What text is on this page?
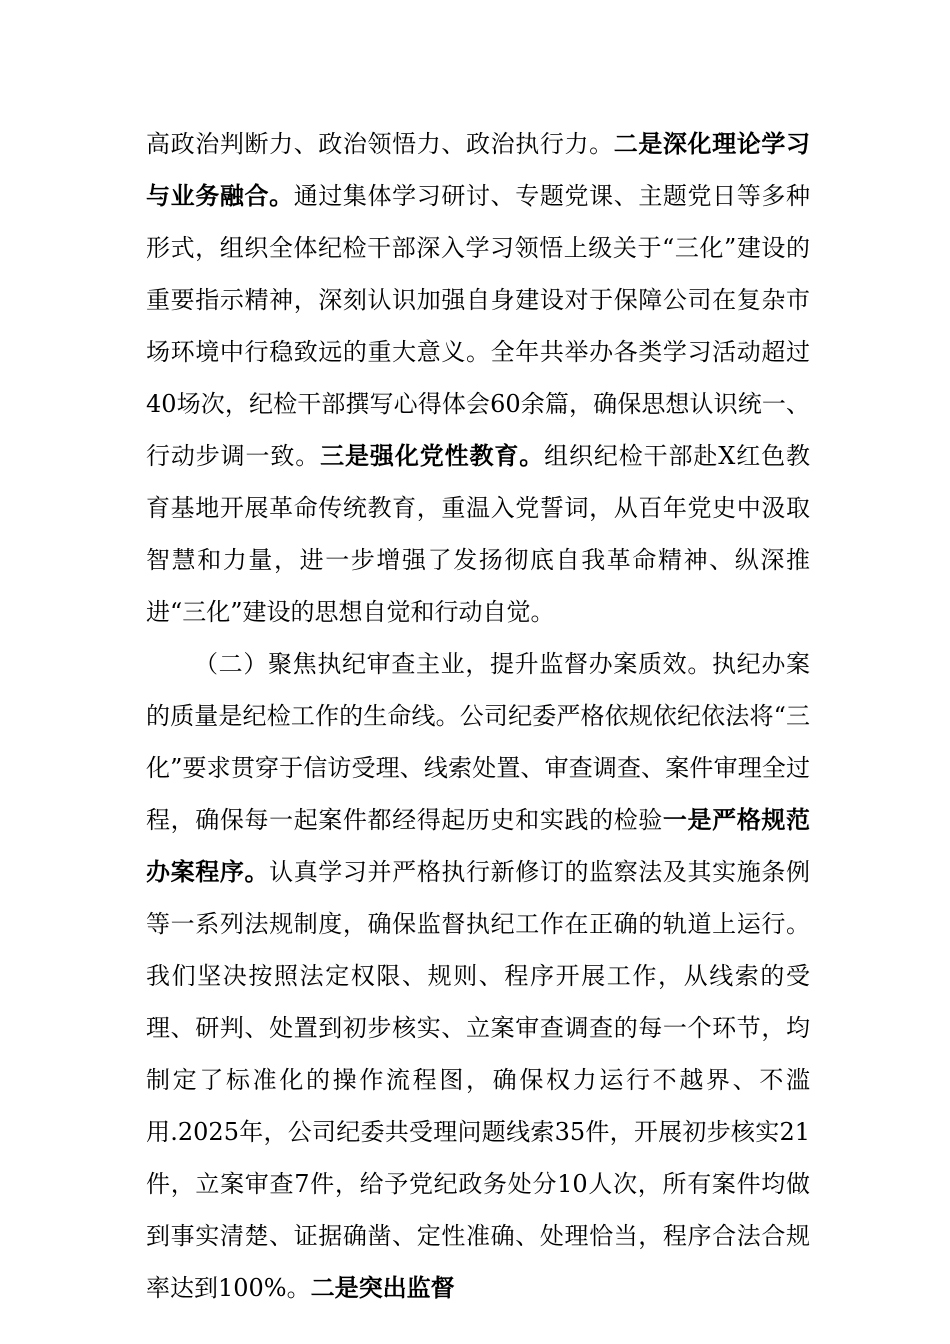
高政治判断力、政治领悟力、政治执行力。二是深化理论学习与业务融合。通过集体学习研讨、专题党课、主题党日等多种形式，组织全体纪检干部深入学习领悟上级关于“三化”建设的重要指示精神，深刻认识加强自身建设对于保障公司在复杂市场环境中行稳致远的重大意义。全年共举办各类学习活动超过40场次，纪检干部撰写心得体会60余篇，确保思想认识统一、行动步调一致。三是强化党性教育。组织纪检干部赴X红色教育基地开展革命传统教育，重温入党誓词，从百年党史中汲取智慧和力量，进一步增强了发扬彻底自我革命精神、纵深推进“三化”建设的思想自觉和行动自觉。

（二）聚焦执纪审查主业，提升监督办案质效。执纪办案的质量是纪检工作的生命线。公司纪委严格依规依纪依法将“三化”要求贯穿于信访受理、线索处置、审查调查、案件审理全过程，确保每一起案件都经得起历史和实践的检验一是严格规范办案程序。认真学习并严格执行新修订的监察法及其实施条例等一系列法规制度，确保监督执纪工作在正确的轨道上运行。我们坚决按照法定权限、规则、程序开展工作，从线索的受理、研判、处置到初步核实、立案审查调查的每一个环节，均制定了标准化的操作流程图，确保权力运行不越界、不滥用.2025年，公司纪委共受理问题线索35件，开展初步核实21件，立案审查7件，给予党纪政务处分10人次，所有案件均做到事实清楚、证据确凿、定性准确、处理恰当，程序合法合规率达到100%。二是突出监督
